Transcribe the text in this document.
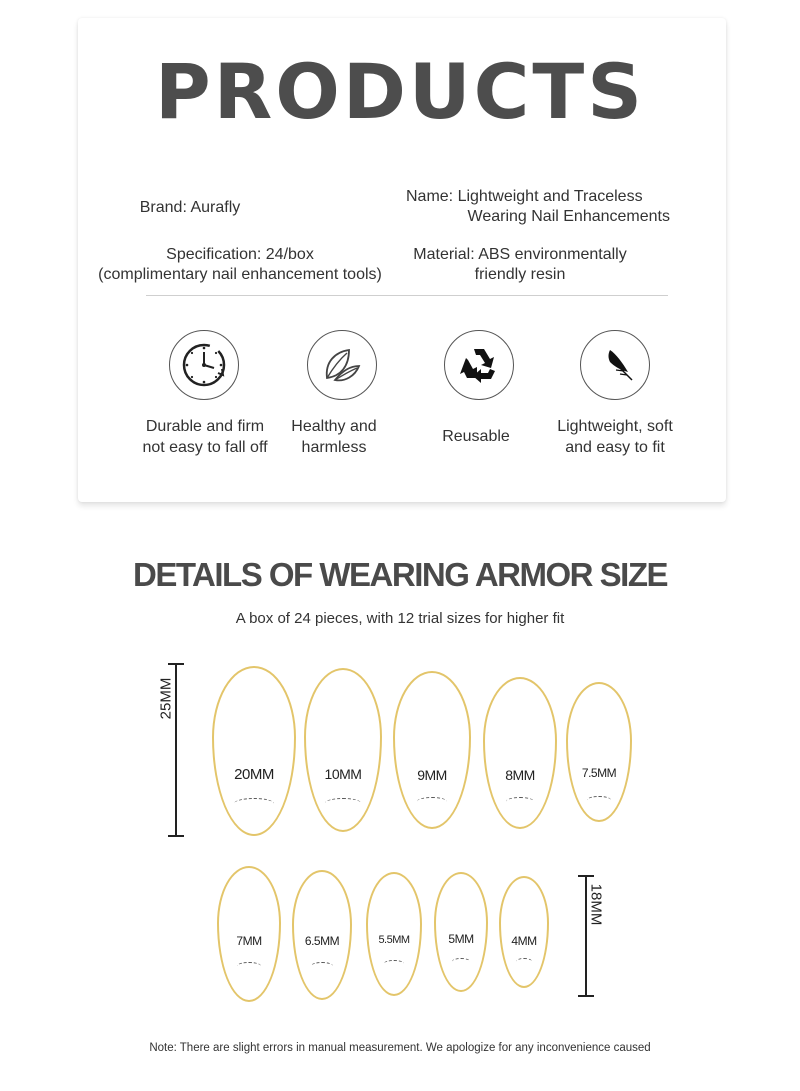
PRODUCTS
Brand: Aurafly
Name: Lightweight and Traceless
Wearing Nail Enhancements
Specification: 24/box
(complimentary nail enhancement tools)
Material: ABS environmentally
friendly resin
Durable and firm
not easy to fall off
Healthy and
harmless
Reusable
Lightweight, soft
and easy to fit
DETAILS OF WEARING ARMOR SIZE
A box of 24 pieces, with 12 trial sizes for higher fit
25MM
20MM	10MM	9MM	8MM	7.5MM
7MM	6.5MM	5.5MM	5MM	4MM
18MM
Note: There are slight errors in manual measurement. We apologize for any inconvenience caused
